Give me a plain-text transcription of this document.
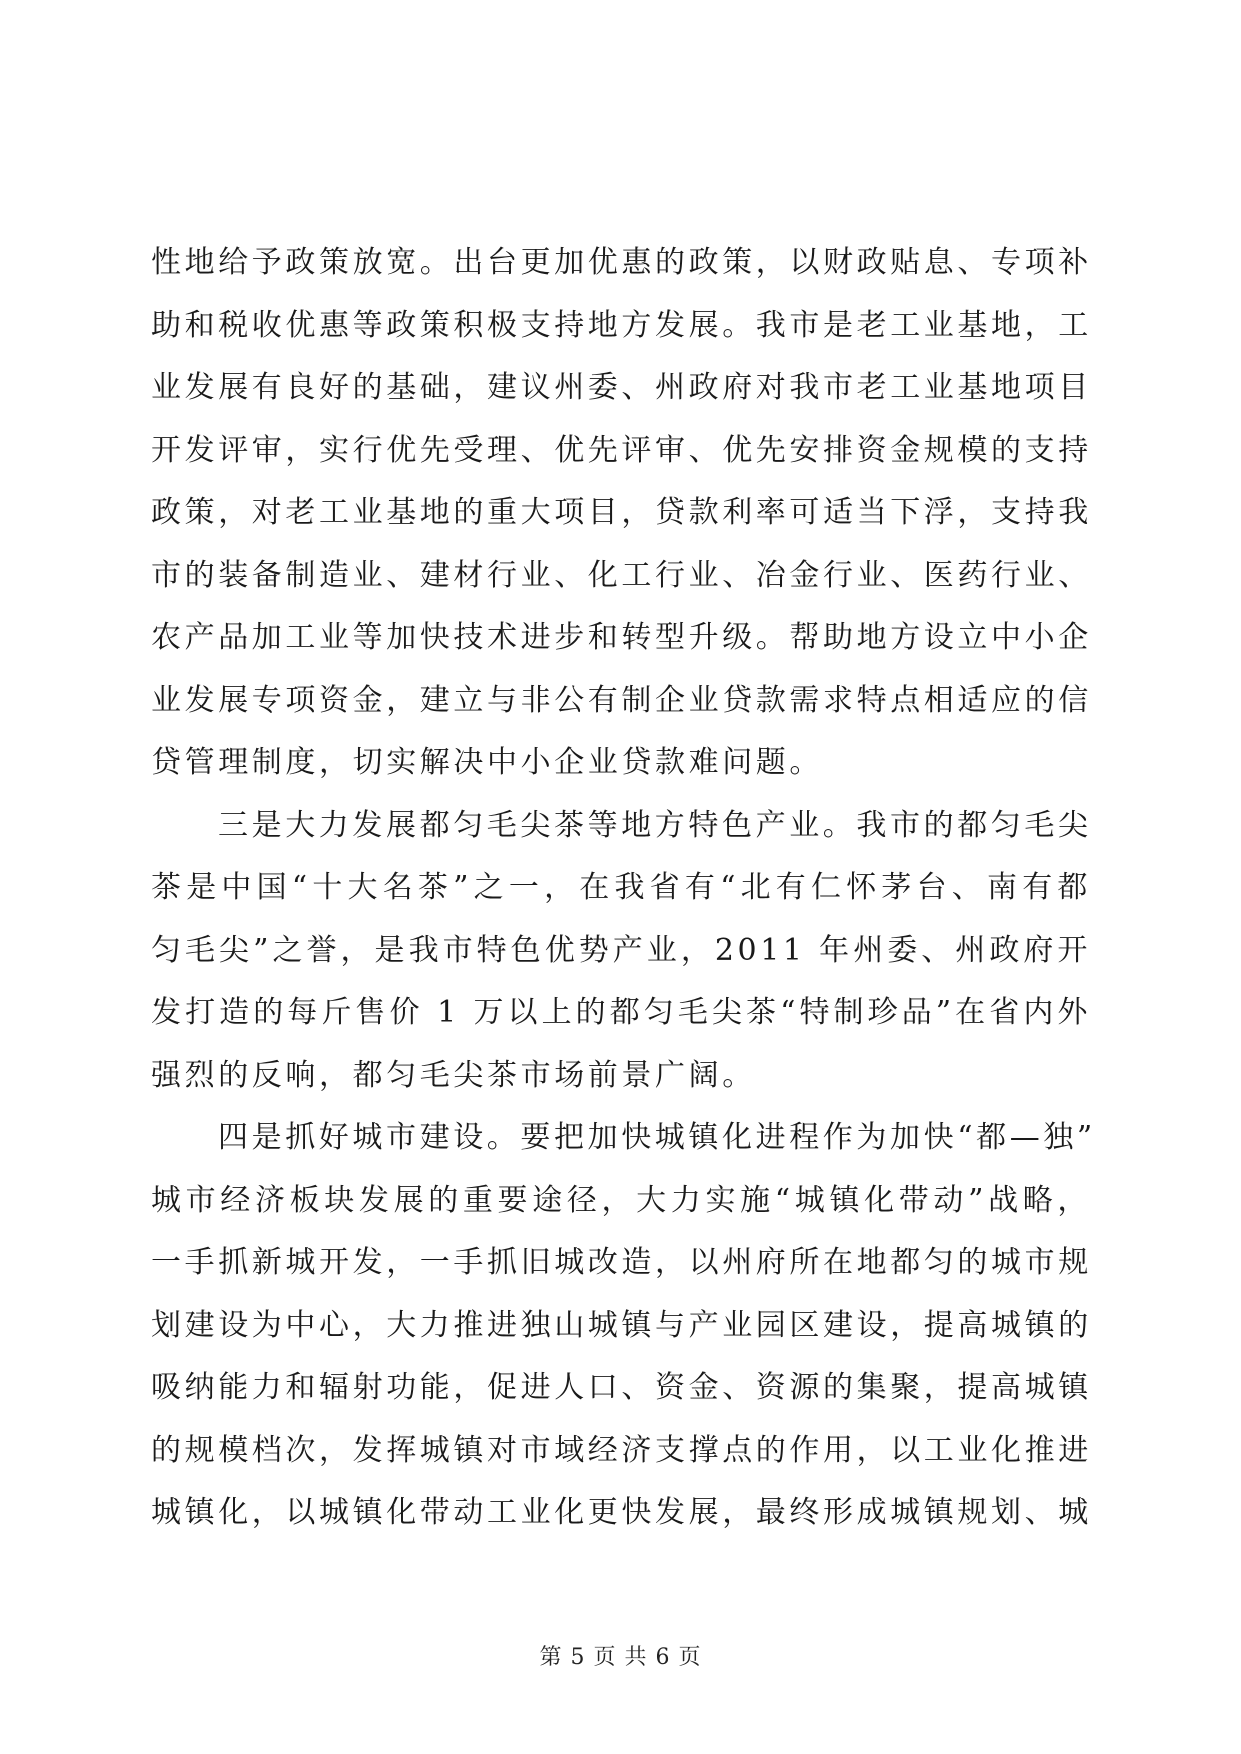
性地给予政策放宽。出台更加优惠的政策，以财政贴息、专项补
助和税收优惠等政策积极支持地方发展。我市是老工业基地，工
业发展有良好的基础，建议州委、州政府对我市老工业基地项目
开发评审，实行优先受理、优先评审、优先安排资金规模的支持
政策，对老工业基地的重大项目，贷款利率可适当下浮，支持我
市的装备制造业、建材行业、化工行业、冶金行业、医药行业、
农产品加工业等加快技术进步和转型升级。帮助地方设立中小企
业发展专项资金，建立与非公有制企业贷款需求特点相适应的信
贷管理制度，切实解决中小企业贷款难问题。
三是大力发展都匀毛尖茶等地方特色产业。我市的都匀毛尖
茶是中国“十大名茶”之一，在我省有“北有仁怀茅台、南有都
匀毛尖”之誉，是我市特色优势产业，2011 年州委、州政府开
发打造的每斤售价 1 万以上的都匀毛尖茶“特制珍品”在省内外
强烈的反响，都匀毛尖茶市场前景广阔。
四是抓好城市建设。要把加快城镇化进程作为加快“都—独”
城市经济板块发展的重要途径，大力实施“城镇化带动”战略，
一手抓新城开发，一手抓旧城改造，以州府所在地都匀的城市规
划建设为中心，大力推进独山城镇与产业园区建设，提高城镇的
吸纳能力和辐射功能，促进人口、资金、资源的集聚，提高城镇
的规模档次，发挥城镇对市域经济支撑点的作用，以工业化推进
城镇化，以城镇化带动工业化更快发展，最终形成城镇规划、城
第 5 页 共 6 页
